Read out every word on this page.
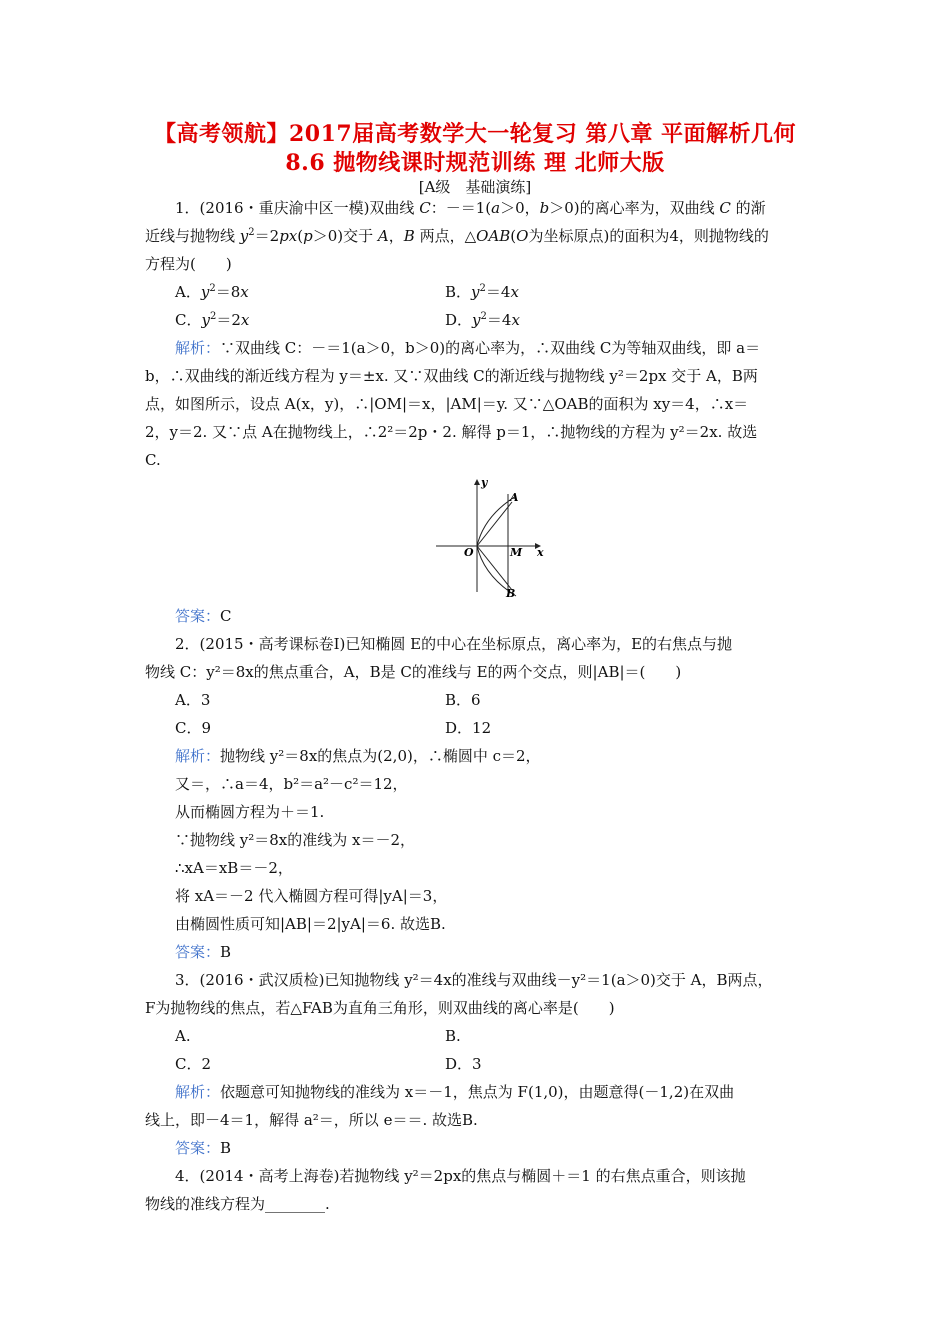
【高考领航】2017届高考数学大一轮复习 第八章 平面解析几何
8.6 抛物线课时规范训练 理 北师大版
[A级　基础演练]
1．(2016・重庆渝中区一模)双曲线 C：－＝1(a＞0，b＞0)的离心率为，双曲线 C 的渐
近线与抛物线 $y^2=2px(p>0)$交于 A，B 两点，△OAB(O为坐标原点)的面积为4，则抛物线的
方程为(　　)
A．$y^2=8x$	B．$y^2=4x$
C．$y^2=2x$	D．$y^2=4x$
解析：∵双曲线 C：－＝1(a＞0，b＞0)的离心率为，∴双曲线 C为等轴双曲线，即 a＝
b，∴双曲线的渐近线方程为 y＝±x. 又∵双曲线 C的渐近线与抛物线 y²＝2px 交于 A，B两
点，如图所示，设点 A(x，y)，∴|OM|＝x，|AM|＝y. 又∵△OAB的面积为 xy＝4，∴x＝
2，y＝2. 又∵点 A在抛物线上，∴2²＝2p・2. 解得 p＝1，∴抛物线的方程为 y²＝2x. 故选
C.
y
A
O	M x
B
答案：C
2．(2015・高考课标卷Ⅰ)已知椭圆 E的中心在坐标原点，离心率为，E的右焦点与抛
物线 C：y²＝8x的焦点重合，A，B是 C的准线与 E的两个交点，则|AB|＝(　　)
A．3	B．6
C．9	D．12
解析：抛物线 y²＝8x的焦点为(2,0)，∴椭圆中 c＝2，
又＝，∴a＝4，b²＝a²－c²＝12，
从而椭圆方程为＋＝1.
∵抛物线 y²＝8x的准线为 x＝－2，
∴xA＝xB＝－2，
将 xA＝－2 代入椭圆方程可得|yA|＝3，
由椭圆性质可知|AB|＝2|yA|＝6. 故选B.
答案：B
3．(2016・武汉质检)已知抛物线 y²＝4x的准线与双曲线－y²＝1(a＞0)交于 A，B两点，
F为抛物线的焦点，若△FAB为直角三角形，则双曲线的离心率是(　　)
A.	B.
C．2	D．3
解析：依题意可知抛物线的准线为 x＝－1，焦点为 F(1,0)，由题意得(－1,2)在双曲
线上，即－4＝1，解得 a²＝，所以 e＝＝. 故选B.
答案：B
4．(2014・高考上海卷)若抛物线 y²＝2px的焦点与椭圆＋＝1 的右焦点重合，则该抛
物线的准线方程为________.
